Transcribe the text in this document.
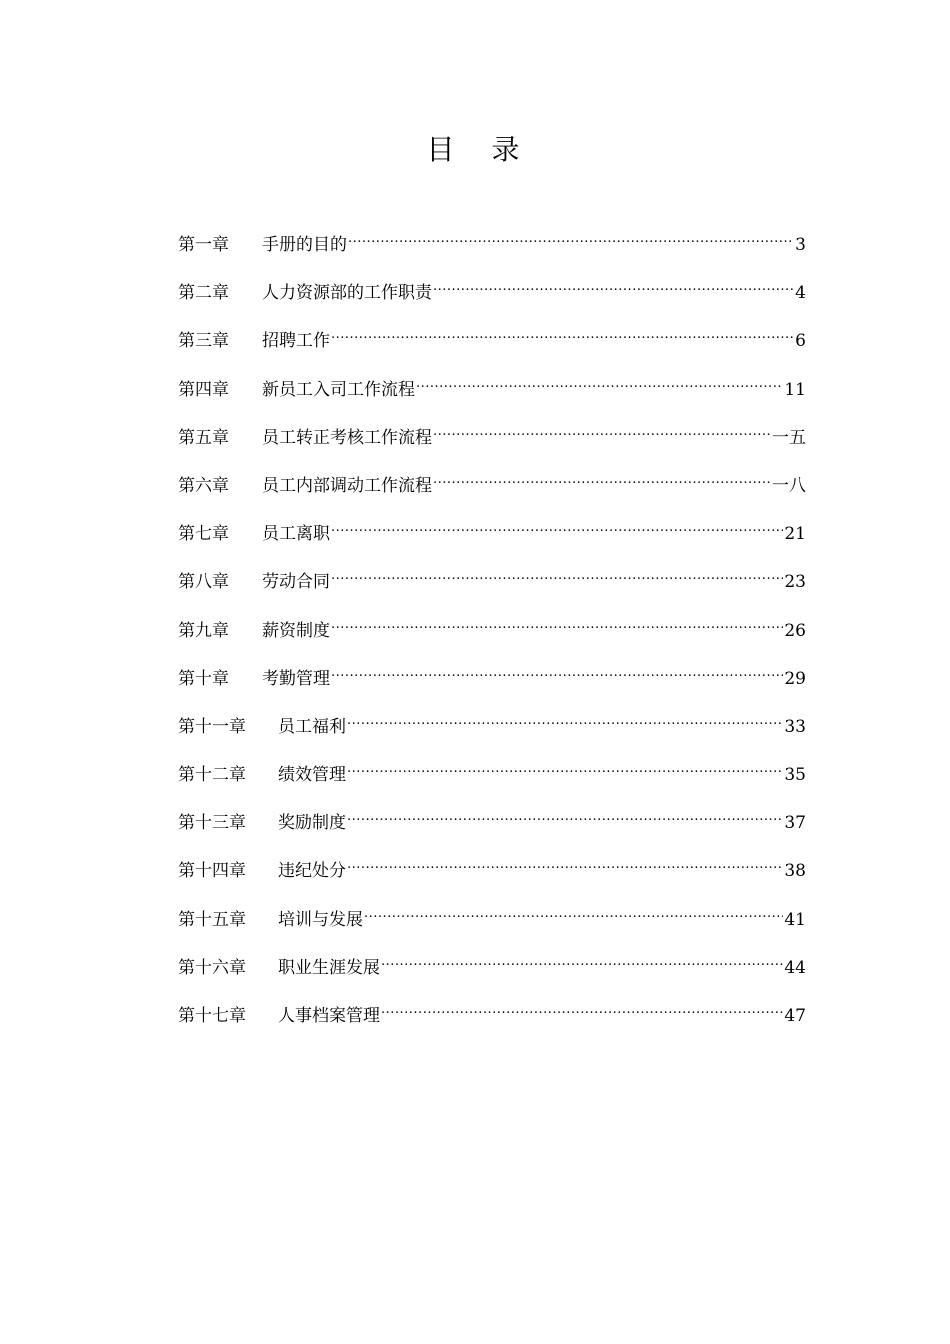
目 录
第一章	手册的目的 .....	3
第二章	人力资源部的工作职责 .....	4
第三章	招聘工作 .....	6
第四章	新员工入司工作流程 .....	11
第五章	员工转正考核工作流程 .....	一五
第六章	员工内部调动工作流程 .....	一八
第七章	员工离职 .....	21
第八章	劳动合同 .....	23
第九章	薪资制度 .....	26
第十章	考勤管理 .....	29
第十一章	员工福利 .....	33
第十二章	绩效管理 .....	35
第十三章	奖励制度 .....	37
第十四章	违纪处分 .....	38
第十五章	培训与发展 .....	41
第十六章	职业生涯发展 .....	44
第十七章	人事档案管理 .....	47
